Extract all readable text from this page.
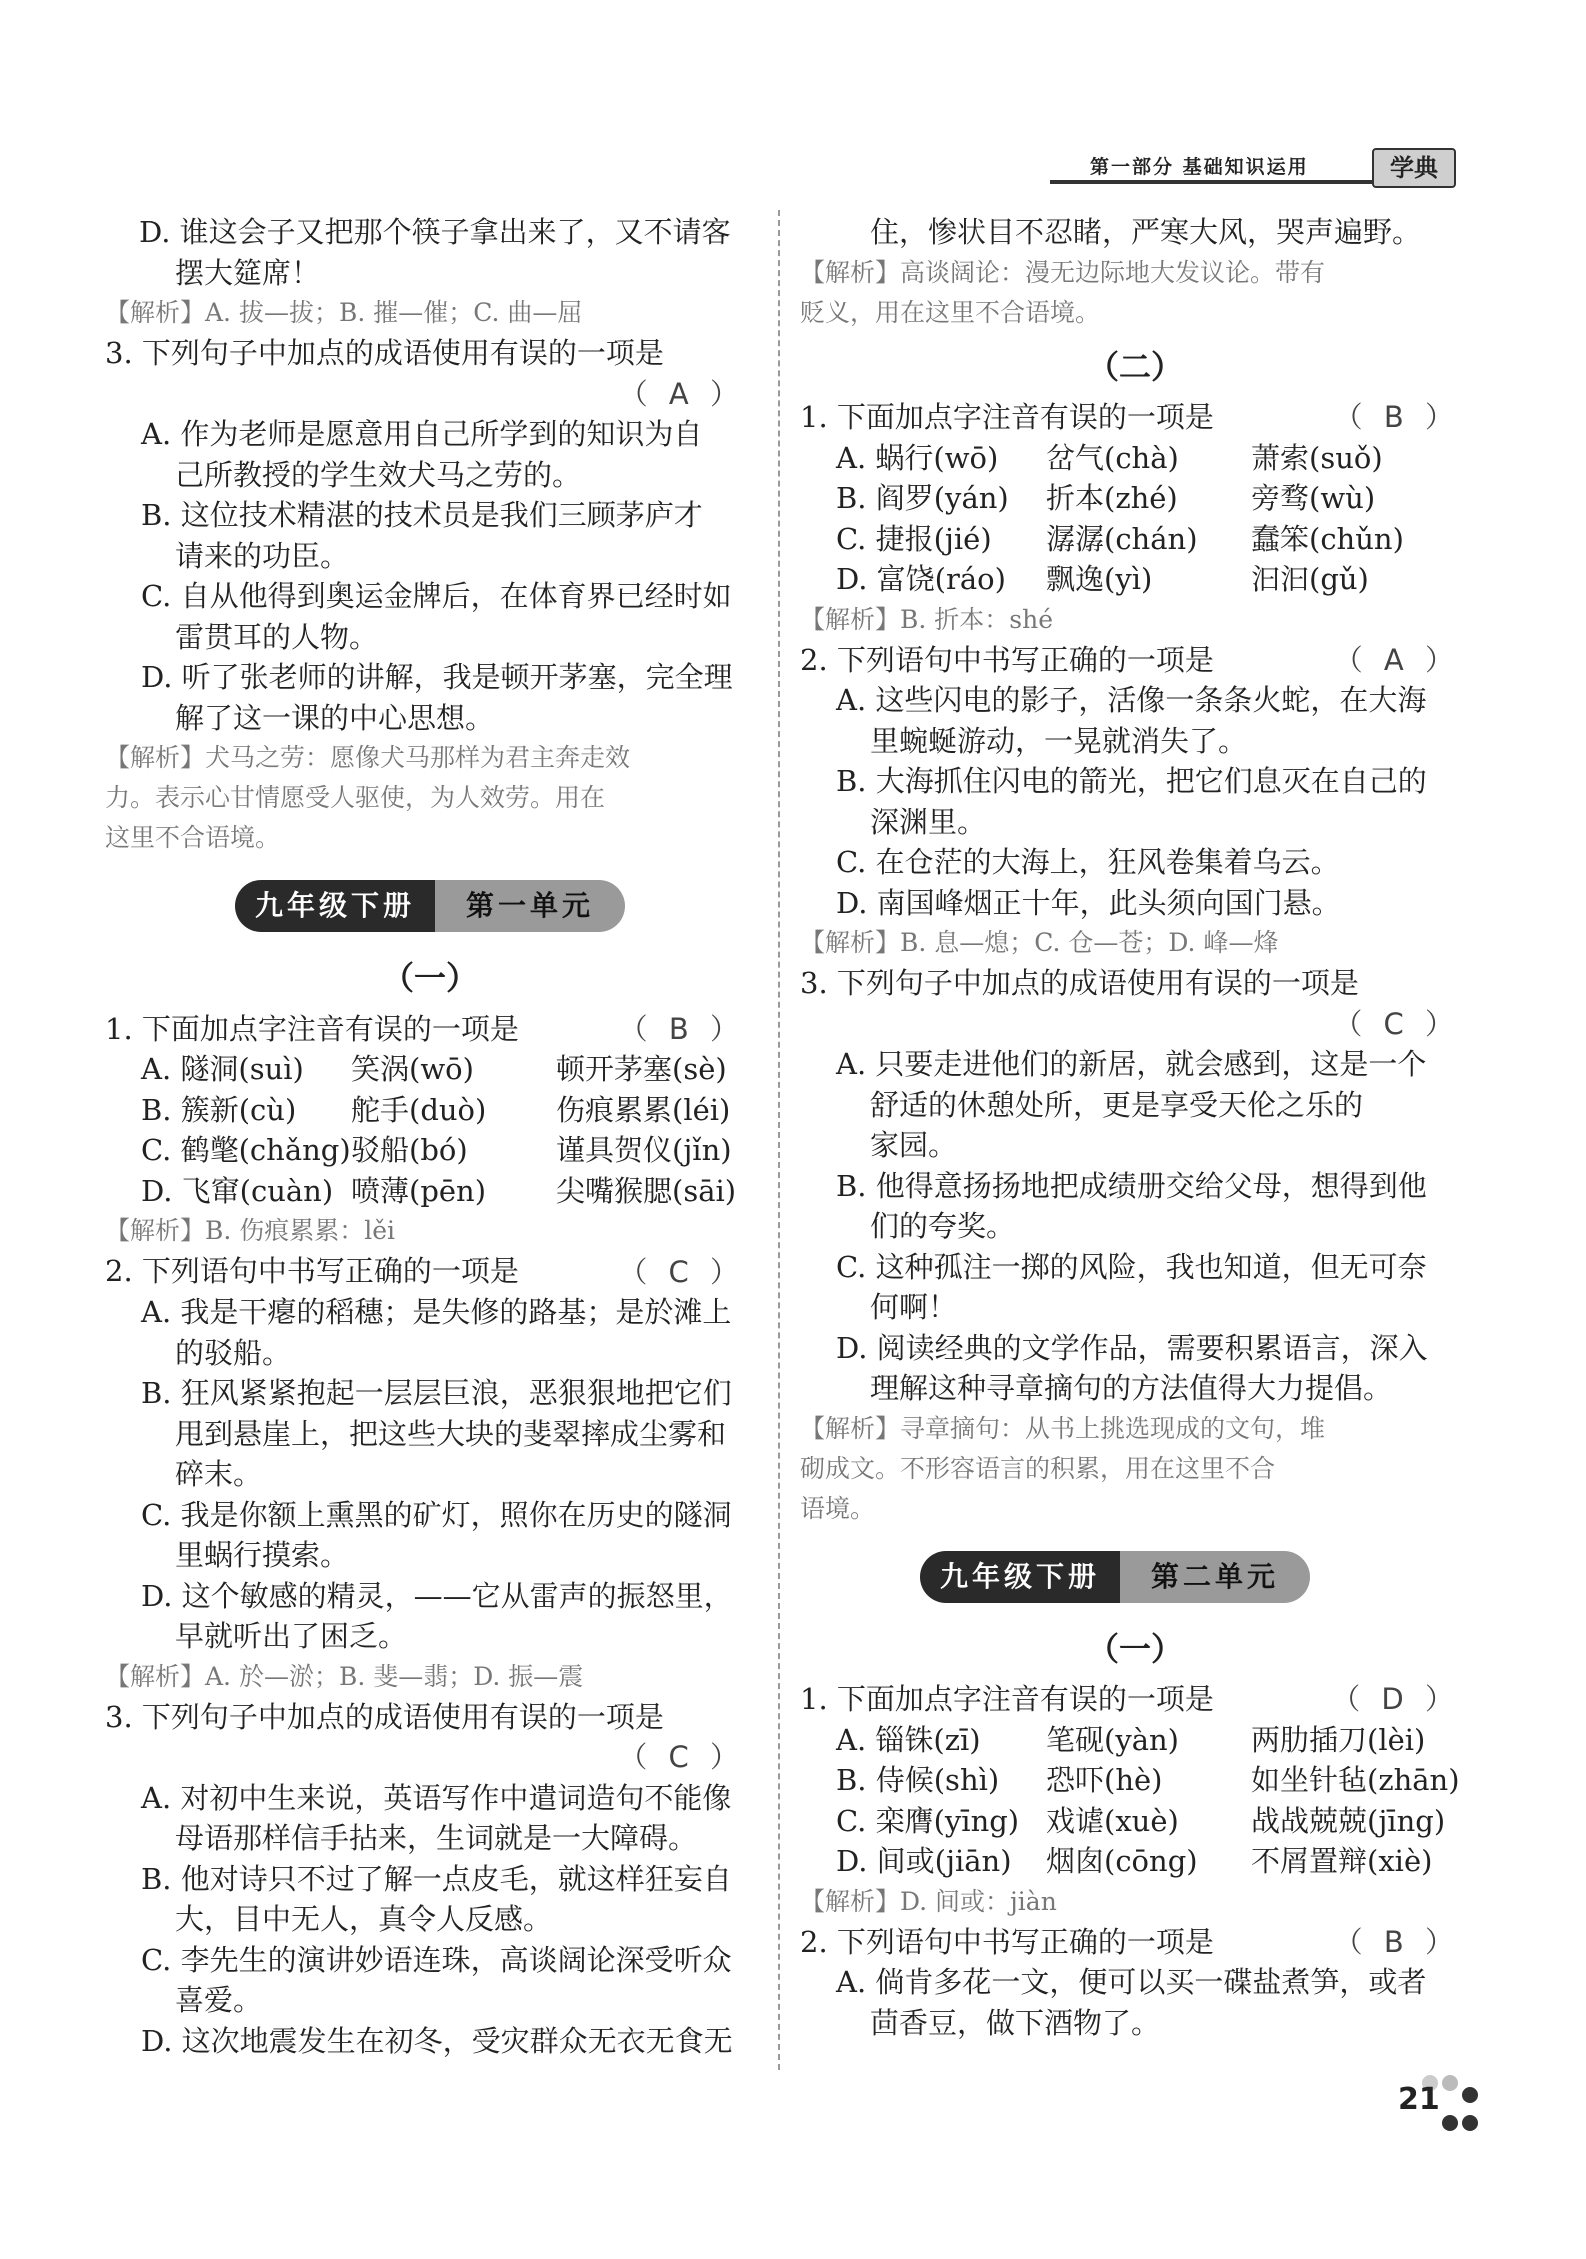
第一部分 基础知识运用	学典
D. 谁这会子又把那个筷子拿出来了，又不请客
摆大筵席！
【解析】A. 拔—拔；B. 摧—催；C. 曲—屈
3. 下列句子中加点的成语使用有误的一项是
（ A ）
A. 作为老师是愿意用自己所学到的知识为自
己所教授的学生效犬马之劳的。
B. 这位技术精湛的技术员是我们三顾茅庐才
请来的功臣。
C. 自从他得到奥运金牌后，在体育界已经时如
雷贯耳的人物。
D. 听了张老师的讲解，我是顿开茅塞，完全理
解了这一课的中心思想。
【解析】犬马之劳：愿像犬马那样为君主奔走效
力。表示心甘情愿受人驱使，为人效劳。用在
这里不合语境。
九年级下册	第一单元
（一）
1. 下面加点字注音有误的一项是	（ B ）
A. 隧洞(suì)	笑涡(wō)	顿开茅塞(sè)
B. 簇新(cù)	舵手(duò)	伤痕累累(léi)
C. 鹤氅(chǎng) 驳船(bó)	谨具贺仪(jǐn)
D. 飞窜(cuàn) 喷薄(pēn)	尖嘴猴腮(sāi)
【解析】B. 伤痕累累：lěi
2. 下列语句中书写正确的一项是	（ C ）
A. 我是干瘪的稻穗；是失修的路基；是於滩上
的驳船。
B. 狂风紧紧抱起一层层巨浪，恶狠狠地把它们
甩到悬崖上，把这些大块的斐翠摔成尘雾和
碎末。
C. 我是你额上熏黑的矿灯，照你在历史的隧洞
里蜗行摸索。
D. 这个敏感的精灵，——它从雷声的振怒里，
早就听出了困乏。
【解析】A. 於—淤；B. 斐—翡；D. 振—震
3. 下列句子中加点的成语使用有误的一项是
（ C ）
A. 对初中生来说，英语写作中遣词造句不能像
母语那样信手拈来，生词就是一大障碍。
B. 他对诗只不过了解一点皮毛，就这样狂妄自
大，目中无人，真令人反感。
C. 李先生的演讲妙语连珠，高谈阔论深受听众
喜爱。
D. 这次地震发生在初冬，受灾群众无衣无食无
住，惨状目不忍睹，严寒大风，哭声遍野。
【解析】高谈阔论：漫无边际地大发议论。带有
贬义，用在这里不合语境。
（二）
1. 下面加点字注音有误的一项是	（ B ）
A. 蜗行(wō)	岔气(chà)	萧索(suǒ)
B. 阎罗(yán)	折本(zhé)	旁骛(wù)
C. 捷报(jié)	潺潺(chán)	蠢笨(chǔn)
D. 富饶(ráo)	飘逸(yì)	汩汩(gǔ)
【解析】B. 折本：shé
2. 下列语句中书写正确的一项是	（ A ）
A. 这些闪电的影子，活像一条条火蛇，在大海
里蜿蜒游动，一晃就消失了。
B. 大海抓住闪电的箭光，把它们息灭在自己的
深渊里。
C. 在仓茫的大海上，狂风卷集着乌云。
D. 南国峰烟正十年，此头须向国门悬。
【解析】B. 息—熄；C. 仓—苍；D. 峰—烽
3. 下列句子中加点的成语使用有误的一项是
（ C ）
A. 只要走进他们的新居，就会感到，这是一个
舒适的休憩处所，更是享受天伦之乐的
家园。
B. 他得意扬扬地把成绩册交给父母，想得到他
们的夸奖。
C. 这种孤注一掷的风险，我也知道，但无可奈
何啊！
D. 阅读经典的文学作品，需要积累语言，深入
理解这种寻章摘句的方法值得大力提倡。
【解析】寻章摘句：从书上挑选现成的文句，堆
砌成文。不形容语言的积累，用在这里不合
语境。
九年级下册	第二单元
（一）
1. 下面加点字注音有误的一项是	（ D ）
A. 锱铢(zī)	笔砚(yàn)	两肋插刀(lèi)
B. 侍候(shì)	恐吓(hè)	如坐针毡(zhān)
C. 栾膺(yīng) 戏谑(xuè)	战战兢兢(jīng)
D. 间或(jiān)	烟囱(cōng)	不屑置辩(xiè)
【解析】D. 间或：jiàn
2. 下列语句中书写正确的一项是	（ B ）
A. 倘肯多花一文，便可以买一碟盐煮笋，或者
茴香豆，做下酒物了。
21
